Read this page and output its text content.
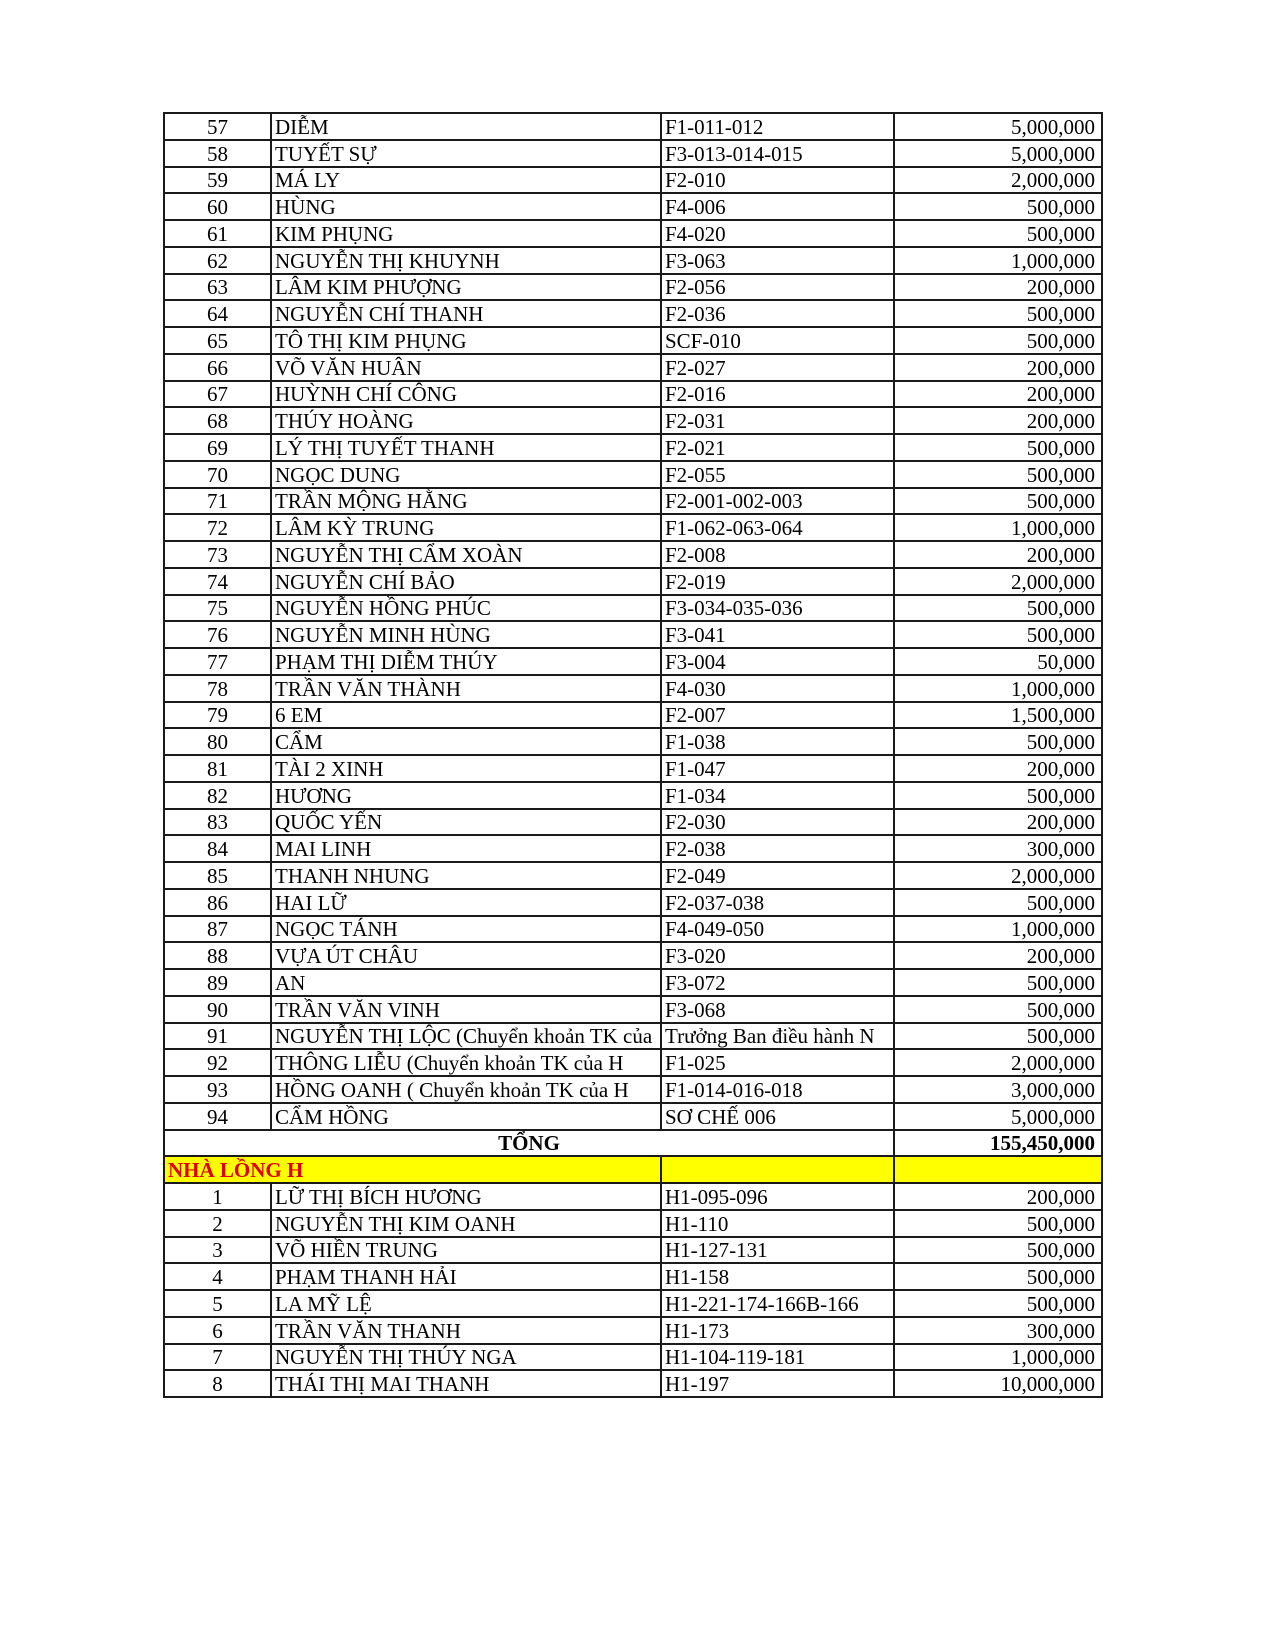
57	DIỄM	F1-011-012	5,000,000
58	TUYẾT SỰ	F3-013-014-015	5,000,000
59	MÁ LY	F2-010	2,000,000
60	HÙNG	F4-006	500,000
61	KIM PHỤNG	F4-020	500,000
62	NGUYỄN THỊ KHUYNH	F3-063	1,000,000
63	LÂM KIM PHƯỢNG	F2-056	200,000
64	NGUYỄN CHÍ THANH	F2-036	500,000
65	TÔ THỊ KIM PHỤNG	SCF-010	500,000
66	VÕ VĂN HUÂN	F2-027	200,000
67	HUỲNH CHÍ CÔNG	F2-016	200,000
68	THÚY HOÀNG	F2-031	200,000
69	LÝ THỊ TUYẾT THANH	F2-021	500,000
70	NGỌC DUNG	F2-055	500,000
71	TRẦN MỘNG HẰNG	F2-001-002-003	500,000
72	LÂM KỲ TRUNG	F1-062-063-064	1,000,000
73	NGUYỄN THỊ CẨM XOÀN	F2-008	200,000
74	NGUYỄN CHÍ BẢO	F2-019	2,000,000
75	NGUYỄN HỒNG PHÚC	F3-034-035-036	500,000
76	NGUYỄN MINH HÙNG	F3-041	500,000
77	PHẠM THỊ DIỄM THÚY	F3-004	50,000
78	TRẦN VĂN THÀNH	F4-030	1,000,000
79	6 EM	F2-007	1,500,000
80	CẨM	F1-038	500,000
81	TÀI 2 XINH	F1-047	200,000
82	HƯƠNG	F1-034	500,000
83	QUỐC YẾN	F2-030	200,000
84	MAI LINH	F2-038	300,000
85	THANH NHUNG	F2-049	2,000,000
86	HAI LỮ	F2-037-038	500,000
87	NGỌC TÁNH	F4-049-050	1,000,000
88	VỰA ÚT CHÂU	F3-020	200,000
89	AN	F3-072	500,000
90	TRẦN VĂN VINH	F3-068	500,000
91	NGUYỄN THỊ LỘC (Chuyển khoản TK của	Trưởng Ban điều hành N	500,000
92	THÔNG LIỄU (Chuyển khoản TK của H	F1-025	2,000,000
93	HỒNG OANH ( Chuyển khoản TK của H	F1-014-016-018	3,000,000
94	CẨM HỒNG	SƠ CHẾ 006	5,000,000
TỔNG			155,450,000
NHÀ LỒNG H			
1	LỮ THỊ BÍCH HƯƠNG	H1-095-096	200,000
2	NGUYỄN THỊ KIM OANH	H1-110	500,000
3	VÕ HIỀN TRUNG	H1-127-131	500,000
4	PHẠM THANH HẢI	H1-158	500,000
5	LA MỸ LỆ	H1-221-174-166B-166	500,000
6	TRẦN VĂN THANH	H1-173	300,000
7	NGUYỄN THỊ THÚY NGA	H1-104-119-181	1,000,000
8	THÁI THỊ MAI THANH	H1-197	10,000,000
